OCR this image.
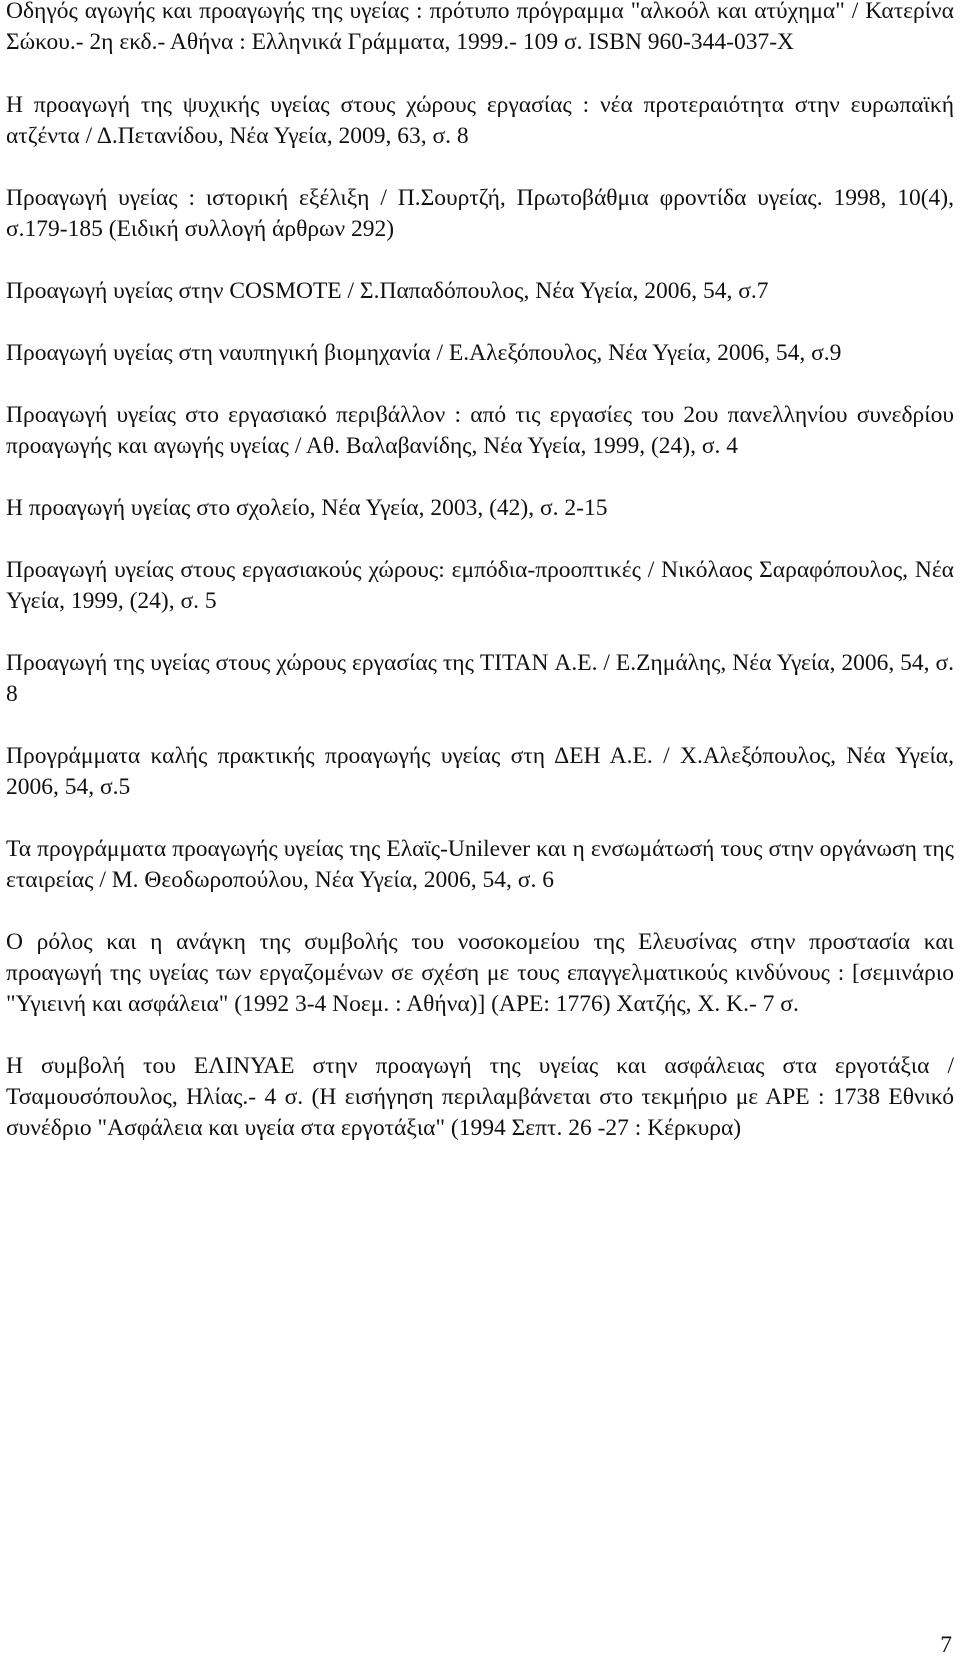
Οδηγός αγωγής και προαγωγής της υγείας : πρότυπο πρόγραμμα "αλκοόλ και ατύχημα" / Κατερίνα Σώκου.- 2η εκδ.- Αθήνα : Ελληνικά Γράμματα, 1999.- 109 σ. ISBN 960-344-037-Χ

Η προαγωγή της ψυχικής υγείας στους χώρους εργασίας : νέα προτεραιότητα στην ευρωπαϊκή ατζέντα / Δ.Πετανίδου, Νέα Υγεία, 2009, 63, σ. 8

Προαγωγή υγείας : ιστορική εξέλιξη / Π.Σουρτζή, Πρωτοβάθμια φροντίδα υγείας. 1998, 10(4), σ.179-185 (Ειδική συλλογή άρθρων 292)

Προαγωγή υγείας στην COSMOTE / Σ.Παπαδόπουλος, Νέα Υγεία, 2006, 54, σ.7

Προαγωγή υγείας στη ναυπηγική βιομηχανία / Ε.Αλεξόπουλος, Νέα Υγεία, 2006, 54, σ.9

Προαγωγή υγείας στο εργασιακό περιβάλλον : από τις εργασίες του 2ου πανελληνίου συνεδρίου προαγωγής και αγωγής υγείας / Αθ. Βαλαβανίδης, Νέα Υγεία, 1999, (24), σ. 4

Η προαγωγή υγείας στο σχολείο, Νέα Υγεία, 2003, (42), σ. 2-15

Προαγωγή υγείας στους εργασιακούς χώρους: εμπόδια-προοπτικές / Νικόλαος Σαραφόπουλος, Νέα Υγεία, 1999, (24), σ. 5

Προαγωγή της υγείας στους χώρους εργασίας της TITAN Α.Ε. / Ε.Ζημάλης, Νέα Υγεία, 2006, 54, σ. 8

Προγράμματα καλής πρακτικής προαγωγής υγείας στη ΔΕΗ Α.Ε. / Χ.Αλεξόπουλος, Νέα Υγεία, 2006, 54, σ.5

Τα προγράμματα προαγωγής υγείας της Ελαϊς-Unilever και η ενσωμάτωσή τους στην οργάνωση της εταιρείας / Μ. Θεοδωροπούλου, Νέα Υγεία, 2006, 54, σ. 6

Ο ρόλος και η ανάγκη της συμβολής του νοσοκομείου της Ελευσίνας στην προστασία και προαγωγή της υγείας των εργαζομένων σε σχέση με τους επαγγελματικούς κινδύνους : [σεμινάριο "Υγιεινή και ασφάλεια" (1992 3-4 Νοεμ. : Αθήνα)] (ΑΡΕ: 1776) Χατζής, Χ. Κ.- 7 σ.

Η συμβολή του ΕΛΙΝΥΑΕ στην προαγωγή της υγείας και ασφάλειας στα εργοτάξια /Τσαμουσόπουλος, Ηλίας.- 4 σ. (Η εισήγηση περιλαμβάνεται στο τεκμήριο με ΑΡΕ : 1738 Εθνικό συνέδριο "Ασφάλεια και υγεία στα εργοτάξια" (1994 Σεπτ. 26 -27 : Κέρκυρα)

7
